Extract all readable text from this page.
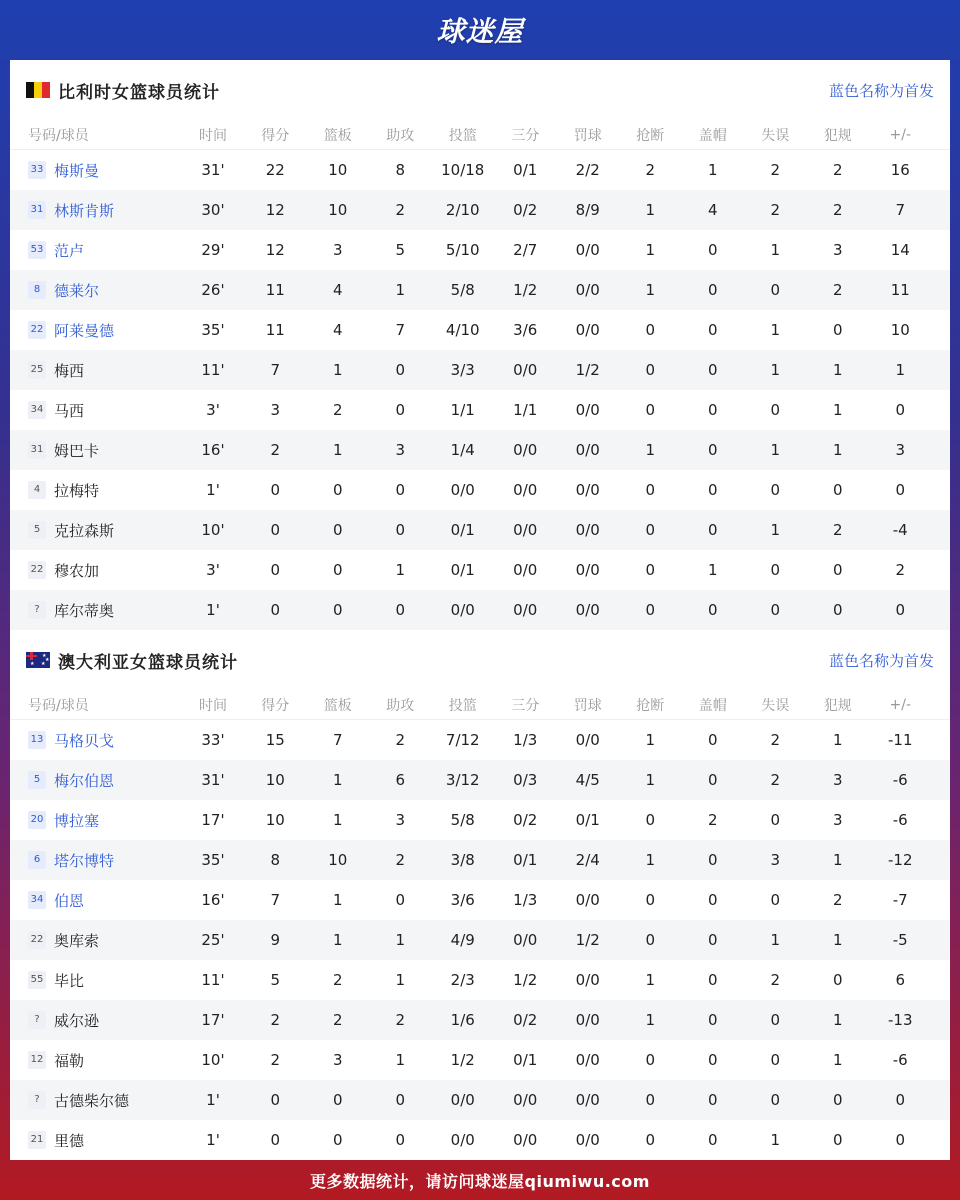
球迷屋
比利时女篮球员统计	蓝色名称为首发
号码/球员	时间	得分	篮板	助攻	投篮	三分	罚球	抢断	盖帽	失误	犯规	+/-
33 梅斯曼	31'	22	10	8	10/18	0/1	2/2	2	1	2	2	16
31 林斯肯斯	30'	12	10	2	2/10	0/2	8/9	1	4	2	2	7
53 范卢	29'	12	3	5	5/10	2/7	0/0	1	0	1	3	14
8 德莱尔	26'	11	4	1	5/8	1/2	0/0	1	0	0	2	11
22 阿莱曼德	35'	11	4	7	4/10	3/6	0/0	0	0	1	0	10
25 梅西	11'	7	1	0	3/3	0/0	1/2	0	0	1	1	1
34 马西	3'	3	2	0	1/1	1/1	0/0	0	0	0	1	0
31 姆巴卡	16'	2	1	3	1/4	0/0	0/0	1	0	1	1	3
4 拉梅特	1'	0	0	0	0/0	0/0	0/0	0	0	0	0	0
5 克拉森斯	10'	0	0	0	0/1	0/0	0/0	0	0	1	2	-4
22 穆农加	3'	0	0	1	0/1	0/0	0/0	0	1	0	0	2
? 库尔蒂奥	1'	0	0	0	0/0	0/0	0/0	0	0	0	0	0
★
★
★
★ 澳大利亚女篮球员统计	蓝色名称为首发
号码/球员	时间	得分	篮板	助攻	投篮	三分	罚球	抢断	盖帽	失误	犯规	+/-
13 马格贝戈	33'	15	7	2	7/12	1/3	0/0	1	0	2	1	-11
5 梅尔伯恩	31'	10	1	6	3/12	0/3	4/5	1	0	2	3	-6
20 博拉塞	17'	10	1	3	5/8	0/2	0/1	0	2	0	3	-6
6 塔尔博特	35'	8	10	2	3/8	0/1	2/4	1	0	3	1	-12
34 伯恩	16'	7	1	0	3/6	1/3	0/0	0	0	0	2	-7
22 奥库索	25'	9	1	1	4/9	0/0	1/2	0	0	1	1	-5
55 毕比	11'	5	2	1	2/3	1/2	0/0	1	0	2	0	6
? 威尔逊	17'	2	2	2	1/6	0/2	0/0	1	0	0	1	-13
12 福勒	10'	2	3	1	1/2	0/1	0/0	0	0	0	1	-6
? 古德柴尔德	1'	0	0	0	0/0	0/0	0/0	0	0	0	0	0
21 里德	1'	0	0	0	0/0	0/0	0/0	0	0	1	0	0
更多数据统计，请访问球迷屋qiumiwu.com
